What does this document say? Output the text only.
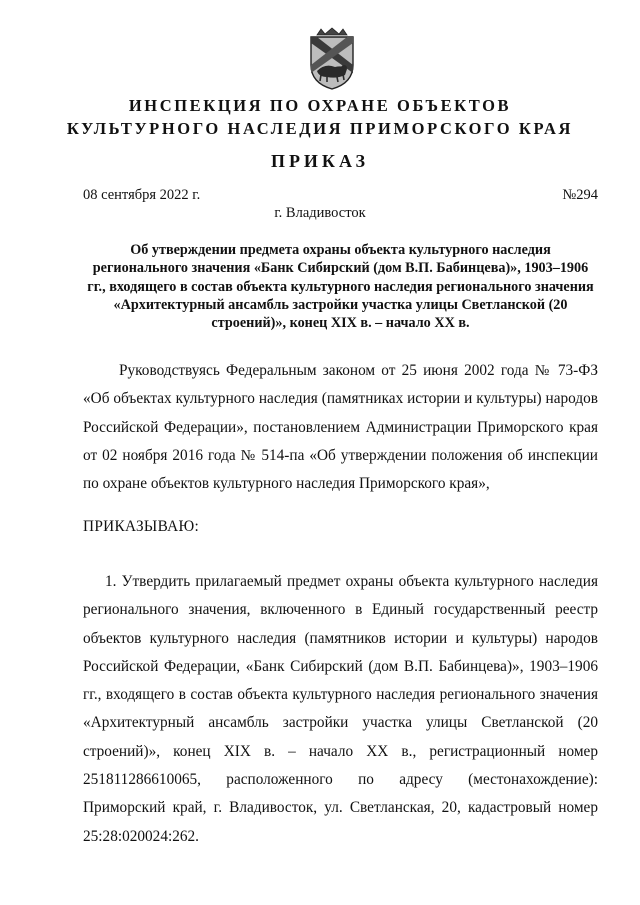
ИНСПЕКЦИЯ ПО ОХРАНЕ ОБЪЕКТОВ
КУЛЬТУРНОГО НАСЛЕДИЯ ПРИМОРСКОГО КРАЯ
ПРИКАЗ
08 сентября 2022 г.	№294
г. Владивосток
Об утверждении предмета охраны объекта культурного наследия регионального значения «Банк Сибирский (дом В.П. Бабинцева)», 1903–1906 гг., входящего в состав объекта культурного наследия регионального значения «Архитектурный ансамбль застройки участка улицы Светланской (20 строений)», конец XIX в. – начало XX в.

Руководствуясь Федеральным законом от 25 июня 2002 года № 73-ФЗ «Об объектах культурного наследия (памятниках истории и культуры) народов Российской Федерации», постановлением Администрации Приморского края от 02 ноября 2016 года № 514-па «Об утверждении положения об инспекции по охране объектов культурного наследия Приморского края»,

ПРИКАЗЫВАЮ:

1. Утвердить прилагаемый предмет охраны объекта культурного наследия регионального значения, включенного в Единый государственный реестр объектов культурного наследия (памятников истории и культуры) народов Российской Федерации, «Банк Сибирский (дом В.П. Бабинцева)», 1903–1906 гг., входящего в состав объекта культурного наследия регионального значения «Архитектурный ансамбль застройки участка улицы Светланской (20 строений)», конец XIX в. – начало XX в., регистрационный номер 251811286610065, расположенного по адресу (местонахождение): Приморский край, г. Владивосток, ул. Светланская, 20, кадастровый номер 25:28:020024:262.
